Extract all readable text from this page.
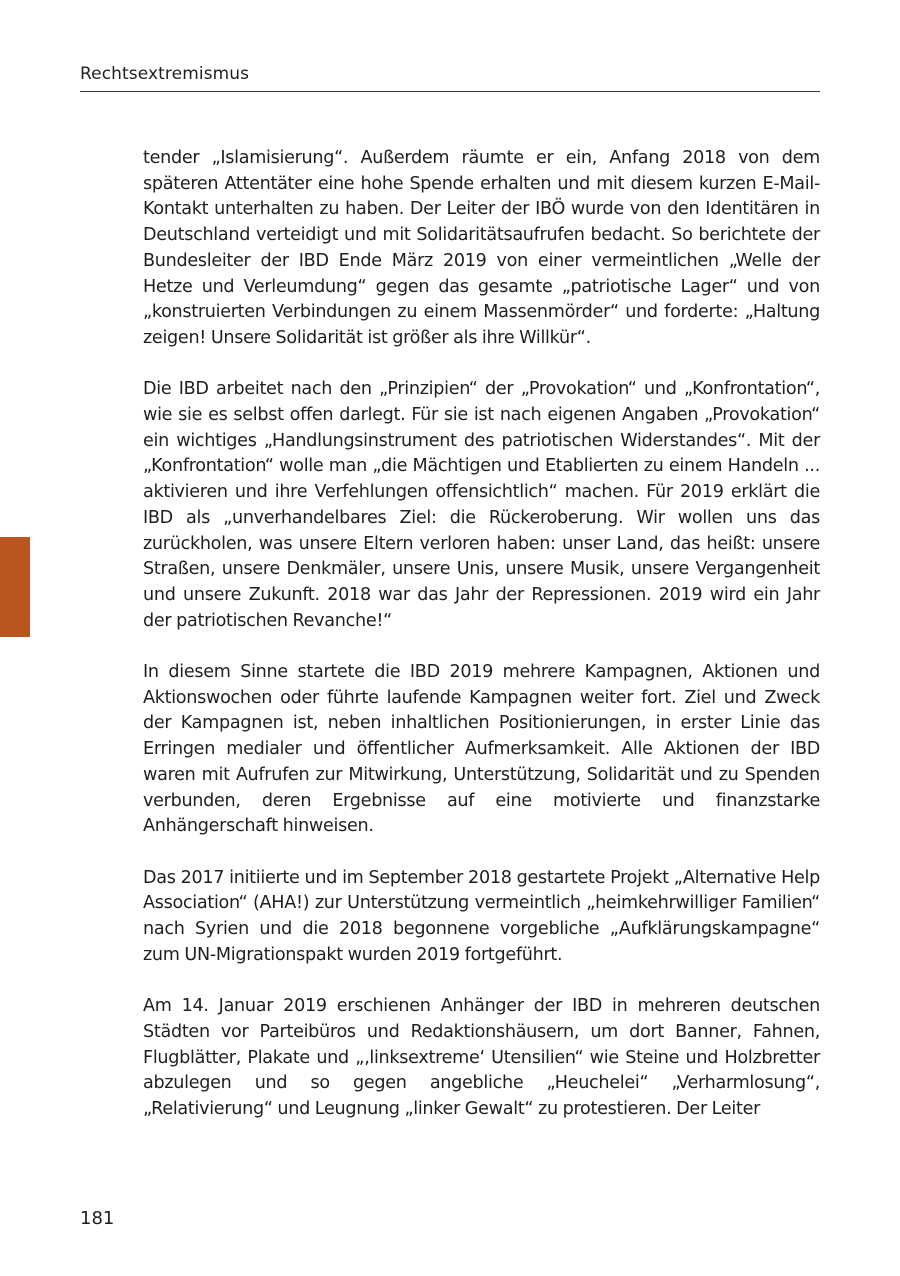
Rechtsextremismus

tender „Islamisierung“. Außerdem räumte er ein, Anfang 2018 von dem späteren Attentäter eine hohe Spende erhalten und mit diesem kurzen E-Mail-Kontakt unterhalten zu haben. Der Leiter der IBÖ wurde von den Identitären in Deutschland verteidigt und mit Solidaritätsaufrufen bedacht. So berichtete der Bundesleiter der IBD Ende März 2019 von einer vermeintlichen „Welle der Hetze und Verleumdung“ gegen das gesamte „patriotische Lager“ und von „konstruierten Verbindungen zu einem Massenmörder“ und forderte: „Haltung zeigen! Unsere Solidarität ist größer als ihre Willkür“.

Die IBD arbeitet nach den „Prinzipien“ der „Provokation“ und „Konfrontation“, wie sie es selbst offen darlegt. Für sie ist nach eigenen Angaben „Provokation“ ein wichtiges „Handlungsinstrument des patriotischen Widerstandes“. Mit der „Konfrontation“ wolle man „die Mächtigen und Etablierten zu einem Handeln ... aktivieren und ihre Verfehlungen offensichtlich“ machen. Für 2019 erklärt die IBD als „unverhandelbares Ziel: die Rückeroberung. Wir wollen uns das zurückholen, was unsere Eltern verloren haben: unser Land, das heißt: unsere Straßen, unsere Denkmäler, unsere Unis, unsere Musik, unsere Vergangenheit und unsere Zukunft. 2018 war das Jahr der Repressionen. 2019 wird ein Jahr der patriotischen Revanche!“

In diesem Sinne startete die IBD 2019 mehrere Kampagnen, Aktionen und Aktionswochen oder führte laufende Kampagnen weiter fort. Ziel und Zweck der Kampagnen ist, neben inhaltlichen Positionierungen, in erster Linie das Erringen medialer und öffentlicher Aufmerksamkeit. Alle Aktionen der IBD waren mit Aufrufen zur Mitwirkung, Unterstützung, Solidarität und zu Spenden verbunden, deren Ergebnisse auf eine motivierte und finanzstarke Anhängerschaft hinweisen.

Das 2017 initiierte und im September 2018 gestartete Projekt „Alternative Help Association“ (AHA!) zur Unterstützung vermeintlich „heimkehrwilliger Familien“ nach Syrien und die 2018 begonnene vorgebliche „Aufklärungskampagne“ zum UN-Migrationspakt wurden 2019 fortgeführt.

Am 14. Januar 2019 erschienen Anhänger der IBD in mehreren deutschen Städten vor Parteibüros und Redaktionshäusern, um dort Banner, Fahnen, Flugblätter, Plakate und „‚linksextreme‘ Utensilien“ wie Steine und Holzbretter abzulegen und so gegen angebliche „Heuchelei“ „Verharmlosung“, „Relativierung“ und Leugnung „linker Gewalt“ zu protestieren. Der Leiter

181
